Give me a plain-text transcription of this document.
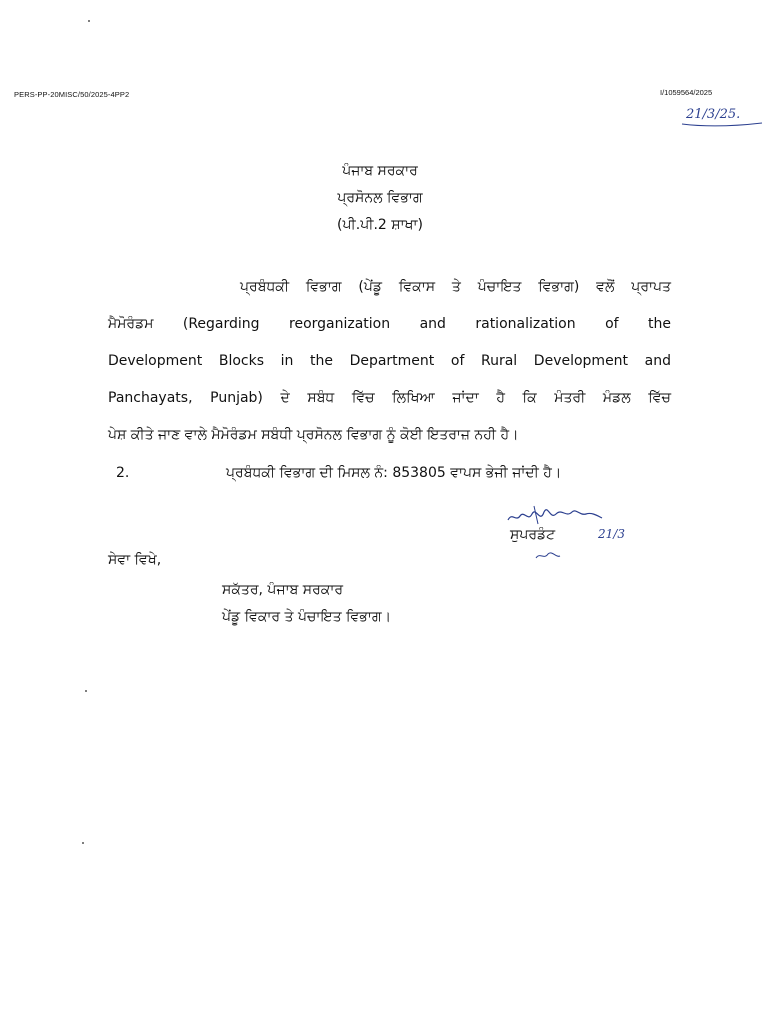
PERS-PP-20MISC/50/2025-4PP2	I/1059564/2025
21/3/25.
ਪੰਜਾਬ ਸਰਕਾਰ
ਪ੍ਰਸੋਨਲ ਵਿਭਾਗ
(ਪੀ.ਪੀ.2 ਸ਼ਾਖਾ)
ਪ੍ਰਬੰਧਕੀ ਵਿਭਾਗ (ਪੇਂਡੂ ਵਿਕਾਸ ਤੇ ਪੰਚਾਇਤ ਵਿਭਾਗ) ਵਲੋਂ ਪ੍ਰਾਪਤ
ਮੈਮੋਰੰਡਮ (Regarding reorganization and rationalization of the
Development Blocks in the Department of Rural Development and
Panchayats, Punjab) ਦੇ ਸਬੰਧ ਵਿੱਚ ਲਿਖਿਆ ਜਾਂਦਾ ਹੈ ਕਿ ਮੰਤਰੀ ਮੰਡਲ ਵਿੱਚ
ਪੇਸ਼ ਕੀਤੇ ਜਾਣ ਵਾਲੇ ਮੈਮੋਰੰਡਮ ਸਬੰਧੀ ਪ੍ਰਸੋਨਲ ਵਿਭਾਗ ਨੂੰ ਕੋਈ ਇਤਰਾਜ਼ ਨਹੀ ਹੈ।
2.	ਪ੍ਰਬੰਧਕੀ ਵਿਭਾਗ ਦੀ ਮਿਸਲ ਨੰ: 853805 ਵਾਪਸ ਭੇਜੀ ਜਾਂਦੀ ਹੈ।
21/3
ਸੁਪਰਡੰਟ
ਸੇਵਾ ਵਿਖੇ,
ਸਕੱਤਰ, ਪੰਜਾਬ ਸਰਕਾਰ
ਪੇਂਡੂ ਵਿਕਾਰ ਤੇ ਪੰਚਾਇਤ ਵਿਭਾਗ।
